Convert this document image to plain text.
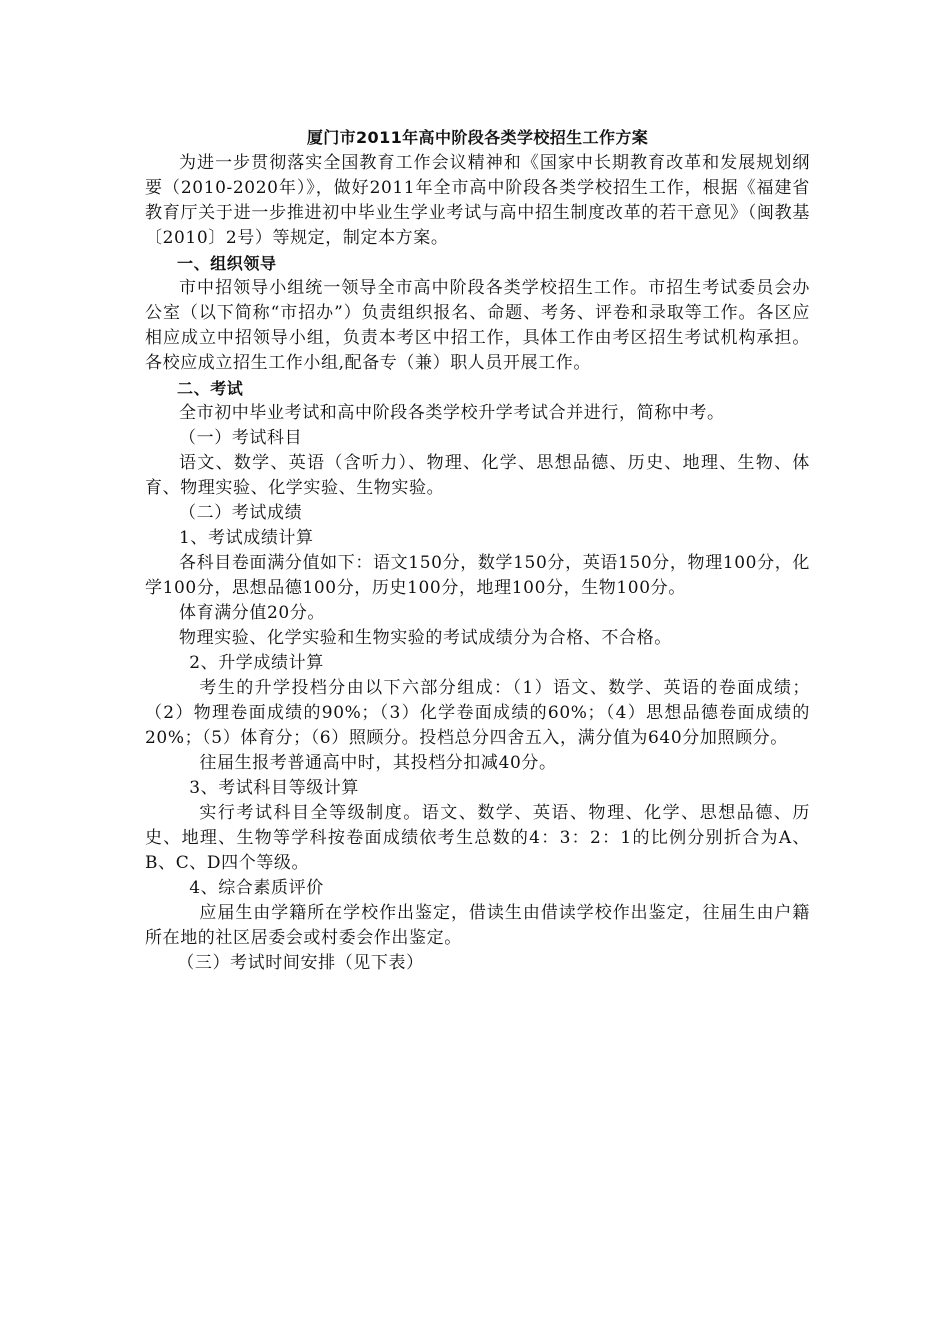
厦门市2011年高中阶段各类学校招生工作方案

为进一步贯彻落实全国教育工作会议精神和《国家中长期教育改革和发展规划纲要（2010-2020年）》，做好2011年全市高中阶段各类学校招生工作，根据《福建省教育厅关于进一步推进初中毕业生学业考试与高中招生制度改革的若干意见》（闽教基〔2010〕2号）等规定，制定本方案。

一、组织领导

市中招领导小组统一领导全市高中阶段各类学校招生工作。市招生考试委员会办公室（以下简称“市招办”）负责组织报名、命题、考务、评卷和录取等工作。各区应相应成立中招领导小组，负责本考区中招工作，具体工作由考区招生考试机构承担。各校应成立招生工作小组,配备专（兼）职人员开展工作。

二、考试

全市初中毕业考试和高中阶段各类学校升学考试合并进行，简称中考。

（一）考试科目

语文、数学、英语（含听力）、物理、化学、思想品德、历史、地理、生物、体育、物理实验、化学实验、生物实验。

（二）考试成绩

1、考试成绩计算

各科目卷面满分值如下：语文150分，数学150分，英语150分，物理100分，化学100分，思想品德100分，历史100分，地理100分，生物100分。

体育满分值20分。

物理实验、化学实验和生物实验的考试成绩分为合格、不合格。

2、升学成绩计算

考生的升学投档分由以下六部分组成：（1）语文、数学、英语的卷面成绩；（2）物理卷面成绩的90%；（3）化学卷面成绩的60%；（4）思想品德卷面成绩的20%；（5）体育分；（6）照顾分。投档总分四舍五入，满分值为640分加照顾分。

往届生报考普通高中时，其投档分扣减40分。

3、考试科目等级计算

实行考试科目全等级制度。语文、数学、英语、物理、化学、思想品德、历史、地理、生物等学科按卷面成绩依考生总数的4：3：2：1的比例分别折合为A、B、C、D四个等级。

4、综合素质评价

应届生由学籍所在学校作出鉴定，借读生由借读学校作出鉴定，往届生由户籍所在地的社区居委会或村委会作出鉴定。

（三）考试时间安排（见下表）
